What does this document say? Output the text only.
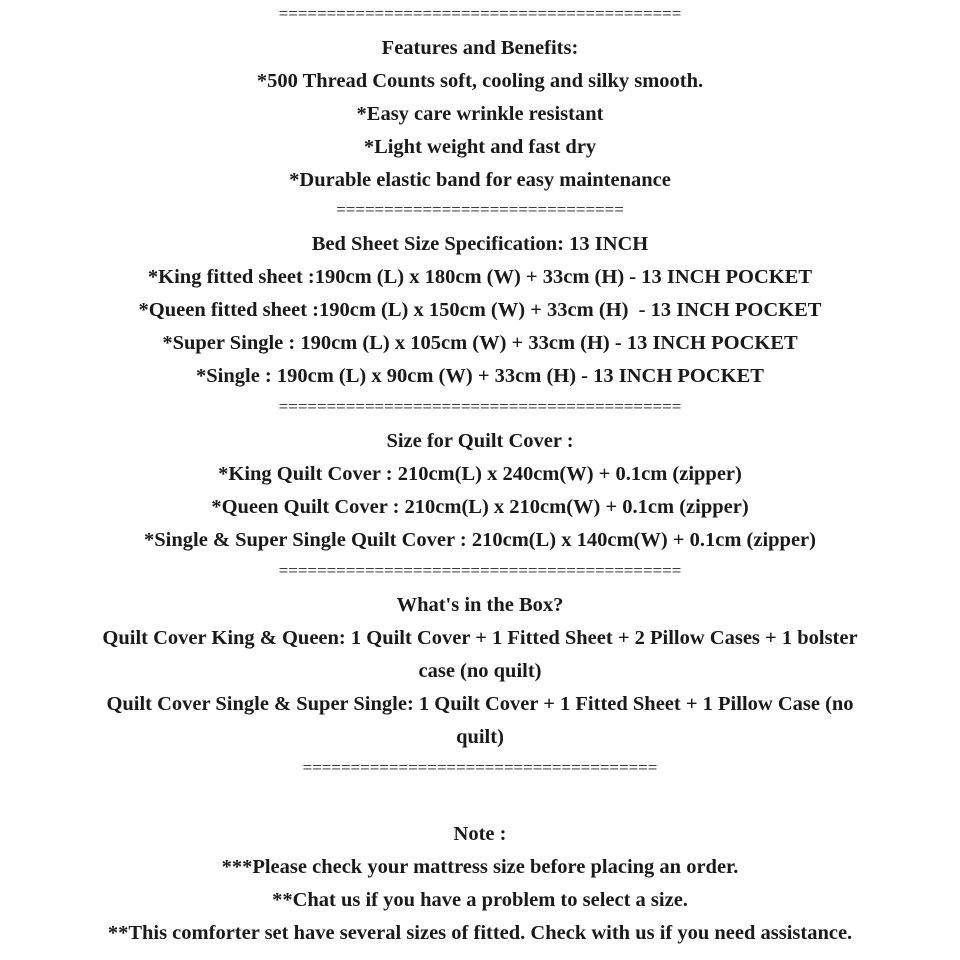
==========================================
Features and Benefits:
*500 Thread Counts soft, cooling and silky smooth.
*Easy care wrinkle resistant
*Light weight and fast dry
*Durable elastic band for easy maintenance
==============================
Bed Sheet Size Specification: 13 INCH
*King fitted sheet :190cm (L) x 180cm (W) + 33cm (H) - 13 INCH POCKET
*Queen fitted sheet :190cm (L) x 150cm (W) + 33cm (H)  - 13 INCH POCKET
*Super Single : 190cm (L) x 105cm (W) + 33cm (H) - 13 INCH POCKET
*Single : 190cm (L) x 90cm (W) + 33cm (H) - 13 INCH POCKET
==========================================
Size for Quilt Cover :
*King Quilt Cover : 210cm(L) x 240cm(W) + 0.1cm (zipper)
*Queen Quilt Cover : 210cm(L) x 210cm(W) + 0.1cm (zipper)
*Single & Super Single Quilt Cover : 210cm(L) x 140cm(W) + 0.1cm (zipper)
==========================================
What's in the Box?
Quilt Cover King & Queen: 1 Quilt Cover + 1 Fitted Sheet + 2 Pillow Cases + 1 bolster
case (no quilt)
Quilt Cover Single & Super Single: 1 Quilt Cover + 1 Fitted Sheet + 1 Pillow Case (no
quilt)
=====================================
Note :
***Please check your mattress size before placing an order.
**Chat us if you have a problem to select a size.
**This comforter set have several sizes of fitted. Check with us if you need assistance.
